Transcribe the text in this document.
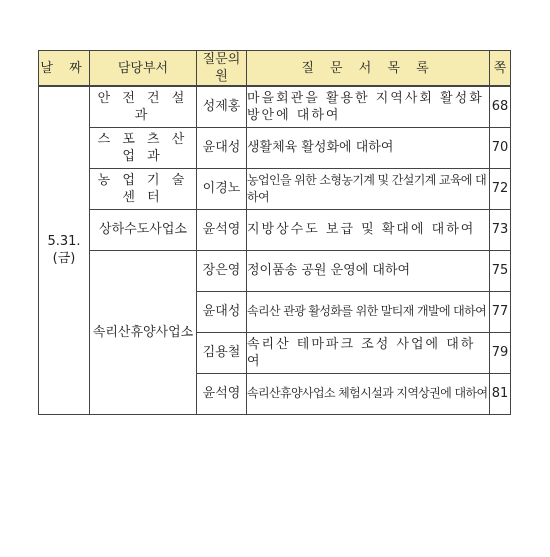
날 짜	담당부서	질문의원	질 문 서 목 록	쪽
5.31.(금)	안 전 건 설 과	성제홍	마을회관을 활용한 지역사회 활성화 방안에 대하여	68
	스 포 츠 산 업 과	윤대성	생활체육 활성화에 대하여	70
	농 업 기 술 센 터	이경노	농업인을 위한 소형농기계 및 간설기계 교육에 대하여	72
	상하수도사업소	윤석영	지방상수도 보급 및 확대에 대하여	73
	속리산휴양사업소	장은영	정이품송 공원 운영에 대하여	75
		윤대성	속리산 관광 활성화를 위한 말티재 개발에 대하여	77
		김용철	속리산 테마파크 조성 사업에 대하여	79
		윤석영	속리산휴양사업소 체험시설과 지역상권에 대하여	81
